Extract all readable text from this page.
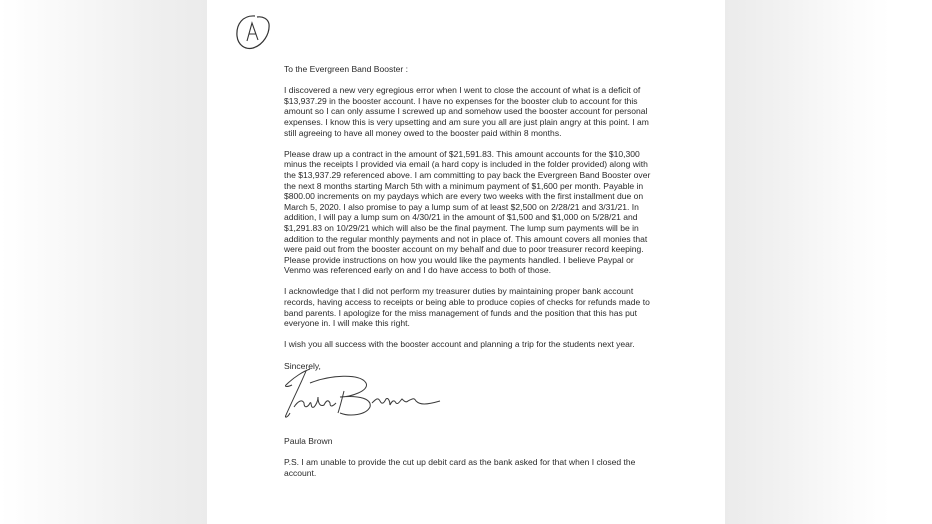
To the Evergreen Band Booster :

I discovered a new very egregious error when I went to close the account of what is a deficit of $13,937.29 in the booster account. I have no expenses for the booster club to account for this amount so I can only assume I screwed up and somehow used the booster account for personal expenses. I know this is very upsetting and am sure you all are just plain angry at this point. I am still agreeing to have all money owed to the booster paid within 8 months.

Please draw up a contract in the amount of $21,591.83. This amount accounts for the $10,300 minus the receipts I provided via email (a hard copy is included in the folder provided) along with the $13,937.29 referenced above. I am committing to pay back the Evergreen Band Booster over the next 8 months starting March 5th with a minimum payment of $1,600 per month. Payable in $800.00 increments on my paydays which are every two weeks with the first installment due on March 5, 2020. I also promise to pay a lump sum of at least $2,500 on 2/28/21 and 3/31/21. In addition, I will pay a lump sum on 4/30/21 in the amount of $1,500 and $1,000 on 5/28/21 and $1,291.83 on 10/29/21 which will also be the final payment. The lump sum payments will be in addition to the regular monthly payments and not in place of. This amount covers all monies that were paid out from the booster account on my behalf and due to poor treasurer record keeping. Please provide instructions on how you would like the payments handled. I believe Paypal or Venmo was referenced early on and I do have access to both of those.

I acknowledge that I did not perform my treasurer duties by maintaining proper bank account records, having access to receipts or being able to produce copies of checks for refunds made to band parents. I apologize for the miss management of funds and the position that this has put everyone in. I will make this right.

I wish you all success with the booster account and planning a trip for the students next year.

Sincerely,

Paula Brown

P.S. I am unable to provide the cut up debit card as the bank asked for that when I closed the account.
